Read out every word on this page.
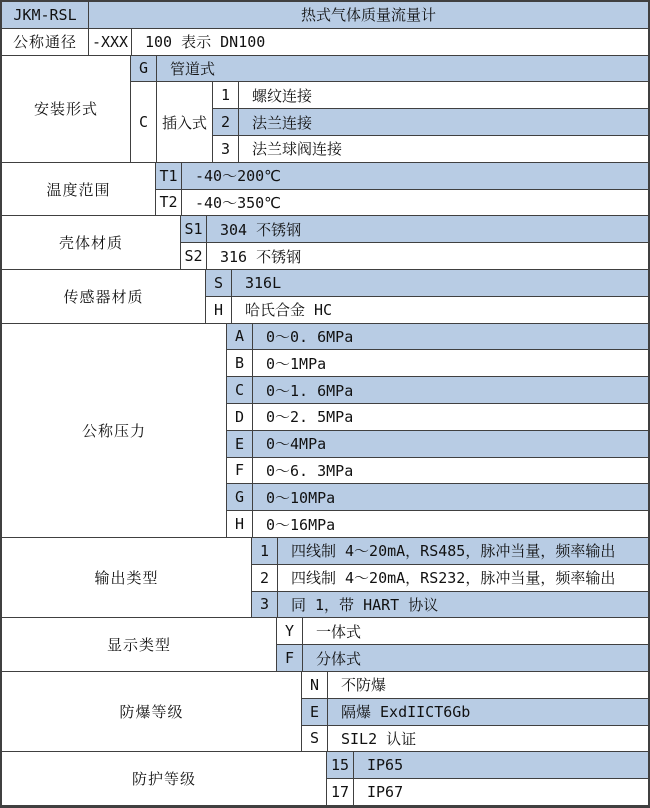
JKM-RSL	热式气体质量流量计
公称通径 -XXX	100 表示 DN100
安装形式
G	管道式
C 插入式
1	螺纹连接
2	法兰连接
3	法兰球阀连接
温度范围
T1	-40～200℃
T2	-40～350℃
壳体材质
S1	304 不锈钢
S2	316 不锈钢
传感器材质
S	316L
H	哈氏合金 HC
公称压力
A	0～0. 6MPa
B	0～1MPa
C	0～1. 6MPa
D	0～2. 5MPa
E	0～4MPa
F	0～6. 3MPa
G	0～10MPa
H	0～16MPa
输出类型
1	四线制 4～20mA，RS485，脉冲当量，频率输出
2	四线制 4～20mA，RS232，脉冲当量，频率输出
3	同 1，带 HART 协议
显示类型
Y	一体式
F	分体式
防爆等级
N	不防爆
E	隔爆 ExdIICT6Gb
S	SIL2 认证
防护等级
15	IP65
17	IP67
